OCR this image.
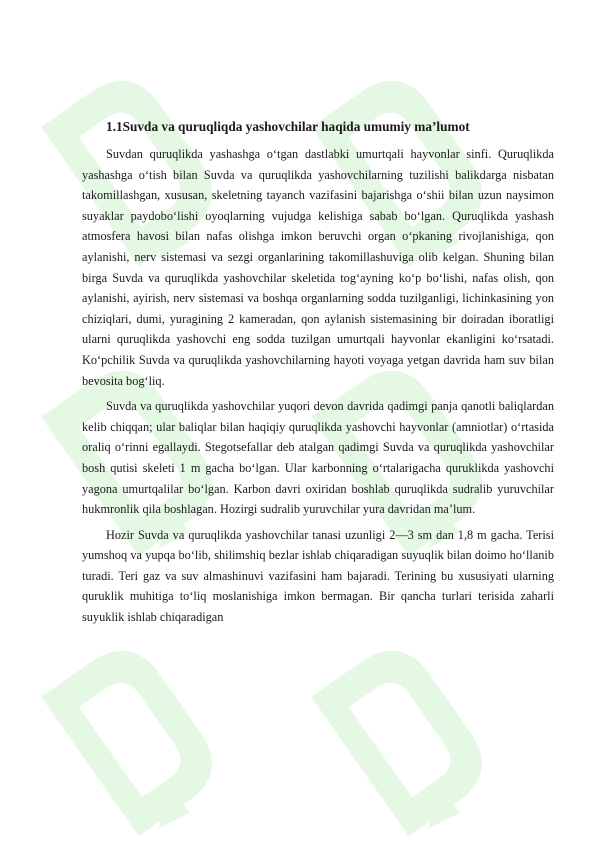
1.1Suvda va quruqliqda yashovchilar haqida umumiy ma’lumot

Suvdan quruqlikda yashashga o‘tgan dastlabki umurtqali hayvonlar sinfi. Quruqlikda yashashga o‘tish bilan Suvda va quruqlikda yashovchilarning tuzilishi balikdarga nisbatan takomillashgan, xususan, skeletning tayanch vazifasini bajarishga o‘shii bilan uzun naysimon suyaklar paydobo‘lishi oyoqlarning vujudga kelishiga sabab bo‘lgan. Quruqlikda yashash atmosfera havosi bilan nafas olishga imkon beruvchi organ o‘pkaning rivojlanishiga, qon aylanishi, nerv sistemasi va sezgi organlarining takomillashuviga olib kelgan. Shuning bilan birga Suvda va quruqlikda yashovchilar skeletida tog‘ayning ko‘p bo‘lishi, nafas olish, qon aylanishi, ayirish, nerv sistemasi va boshqa organlarning sodda tuzilganligi, lichinkasining yon chiziqlari, dumi, yuragining 2 kameradan, qon aylanish sistemasining bir doiradan iboratligi ularni quruqlikda yashovchi eng sodda tuzilgan umurtqali hayvonlar ekanligini ko‘rsatadi. Ko‘pchilik Suvda va quruqlikda yashovchilarning hayoti voyaga yetgan davrida ham suv bilan bevosita bog‘liq.

Suvda va quruqlikda yashovchilar yuqori devon davrida qadimgi panja qanotli baliqlardan kelib chiqqan; ular baliqlar bilan haqiqiy quruqlikda yashovchi hayvonlar (amniotlar) o‘rtasida oraliq o‘rinni egallaydi. Stegotsefallar deb atalgan qadimgi Suvda va quruqlikda yashovchilar bosh qutisi skeleti 1 m gacha bo‘lgan. Ular karbonning o‘rtalarigacha quruklikda yashovchi yagona umurtqalilar bo‘lgan. Karbon davri oxiridan boshlab quruqlikda sudralib yuruvchilar hukmronlik qila boshlagan. Hozirgi sudralib yuruvchilar yura davridan ma’lum.

Hozir Suvda va quruqlikda yashovchilar tanasi uzunligi 2—3 sm dan 1,8 m gacha. Terisi yumshoq va yupqa bo‘lib, shilimshiq bezlar ishlab chiqaradigan suyuqlik bilan doimo ho‘llanib turadi. Teri gaz va suv almashinuvi vazifasini ham bajaradi. Terining bu xususiyati ularning quruklik muhitiga to‘liq moslanishiga imkon bermagan. Bir qancha turlari terisida zaharli suyuklik ishlab chiqaradigan
